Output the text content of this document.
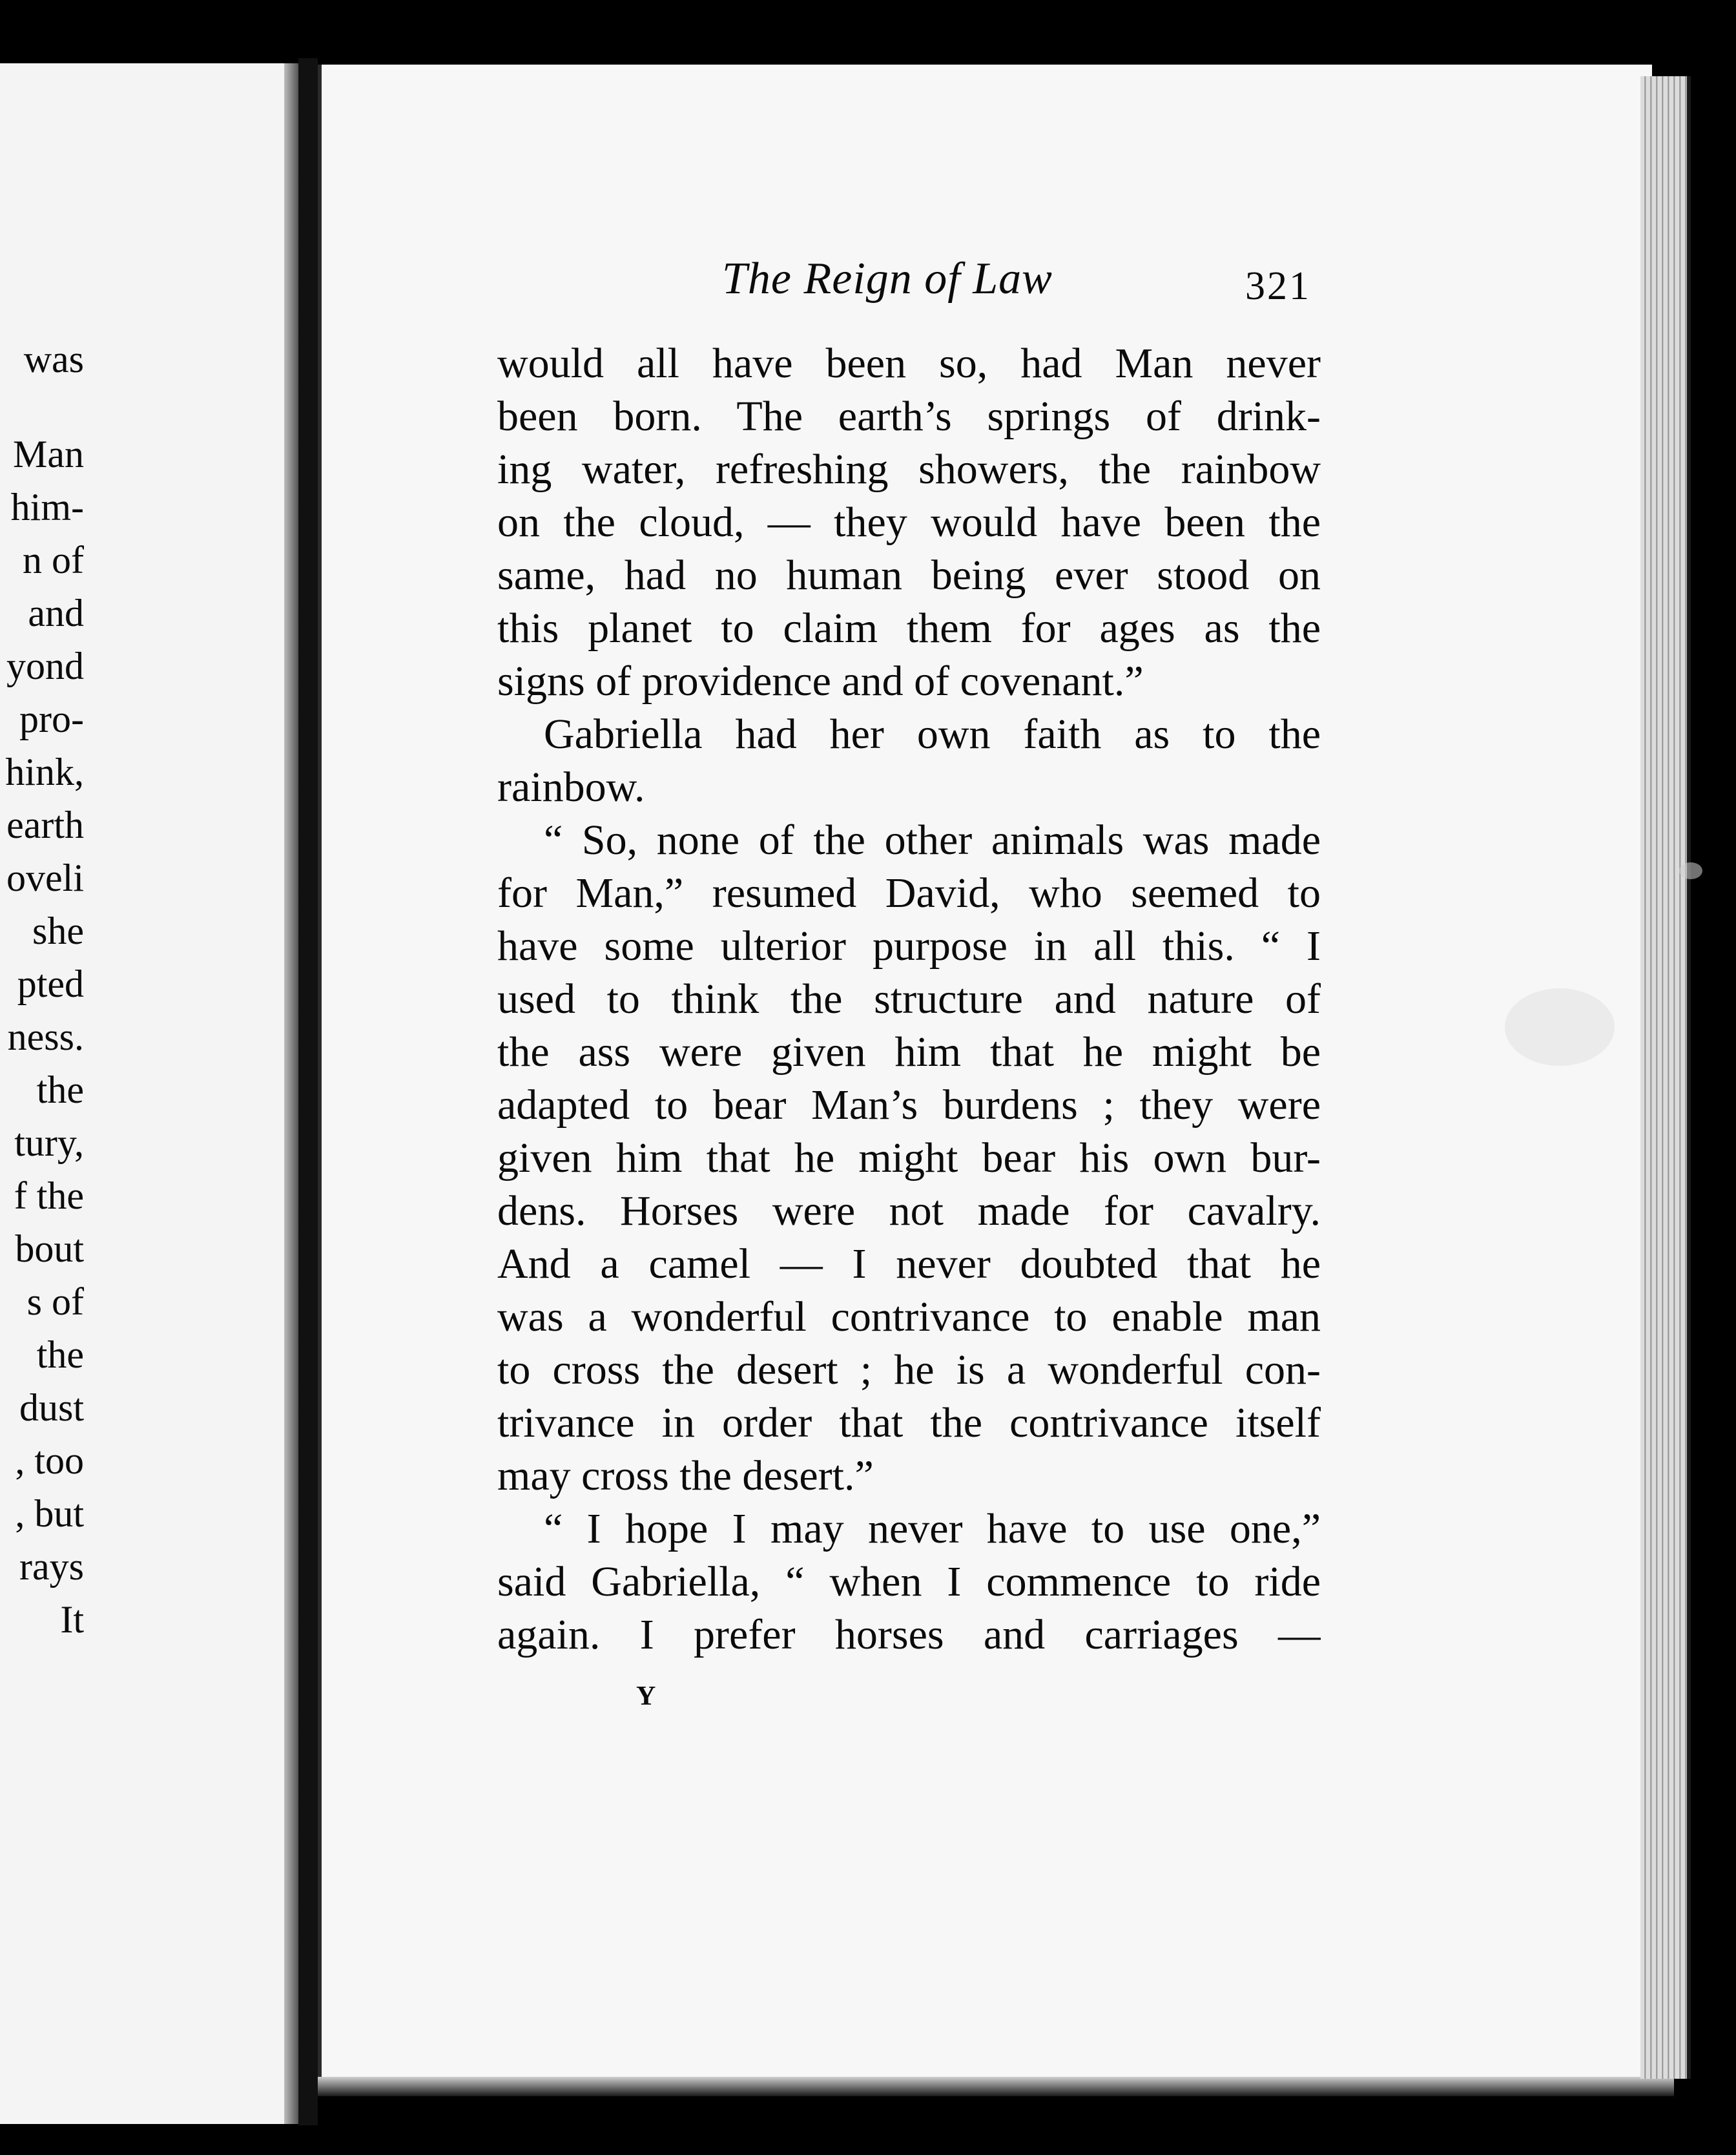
was
Man
him-
n of
and
yond
pro-
hink,
earth
oveli
she
pted
ness.
the
tury,
f the
bout
s of
the
dust
, too
, but
rays
It
The Reign of Law	321
would all have been so, had Man never
been born. The earth’s springs of drink-
ing water, refreshing showers, the rainbow
on the cloud, — they would have been the
same, had no human being ever stood on
this planet to claim them for ages as the
signs of providence and of covenant.”
Gabriella had her own faith as to the
rainbow.
“ So, none of the other animals was made
for Man,” resumed David, who seemed to
have some ulterior purpose in all this. “ I
used to think the structure and nature of
the ass were given him that he might be
adapted to bear Man’s burdens ; they were
given him that he might bear his own bur-
dens. Horses were not made for cavalry.
And a camel — I never doubted that he
was a wonderful contrivance to enable man
to cross the desert ; he is a wonderful con-
trivance in order that the contrivance itself
may cross the desert.”
“ I hope I may never have to use one,”
said Gabriella, “ when I commence to ride
again. I prefer horses and carriages —
Y
